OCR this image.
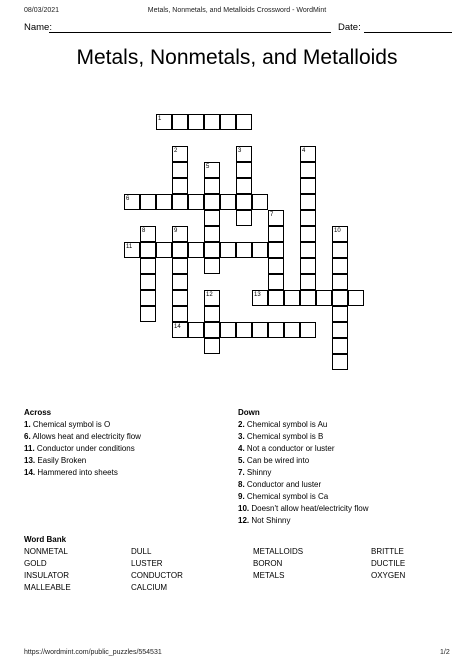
08/03/2021	Metals, Nonmetals, and Metalloids Crossword - WordMint
Name:	Date:
Metals, Nonmetals, and Metalloids
1
2	3	4
5
6
7
8	9
14
10
11
12	13
Across
1. Chemical symbol is O
6. Allows heat and electricity flow
11. Conductor under conditions
13. Easily Broken
14. Hammered into sheets
Down
2. Chemical symbol is Au
3. Chemical symbol is B
4. Not a conductor or luster
5. Can be wired into
7. Shinny
8. Conductor and luster
9. Chemical symbol is Ca
10. Doesn't allow heat/electricity flow
12. Not Shinny
Word Bank
NONMETAL	DULL	METALLOIDS	BRITTLE
GOLD	LUSTER	BORON	DUCTILE
INSULATOR	CONDUCTOR	METALS	OXYGEN
MALLEABLE	CALCIUM
https://wordmint.com/public_puzzles/554531	1/2
